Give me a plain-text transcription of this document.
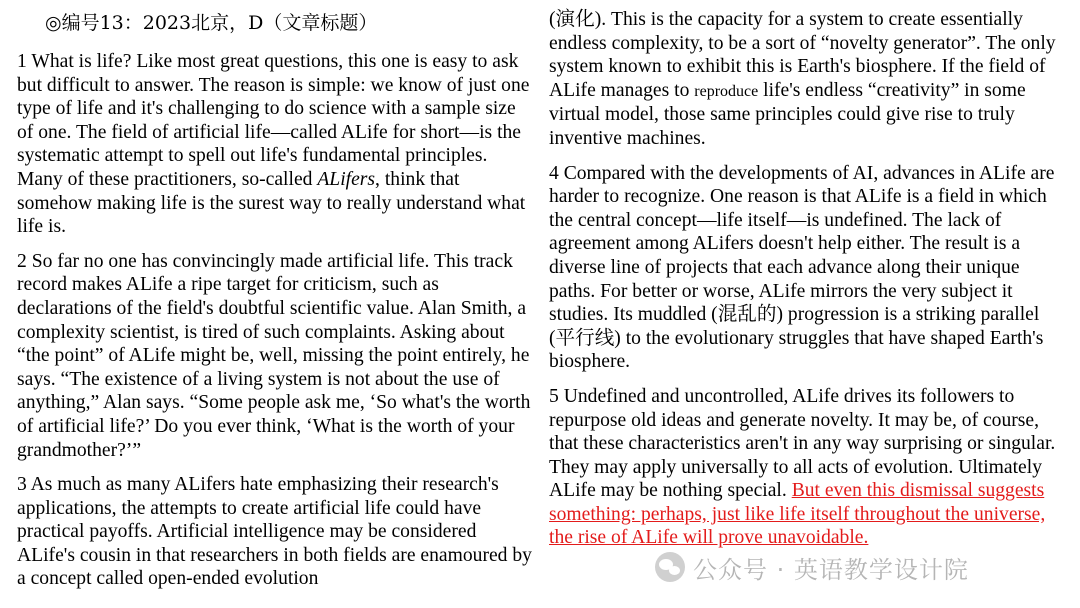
◎编号13：2023北京，D（文章标题）

1 What is life? Like most great questions, this one is easy to ask but difficult to answer. The reason is simple: we know of just one type of life and it's challenging to do science with a sample size of one. The field of artificial life—called ALife for short—is the systematic attempt to spell out life's fundamental principles. Many of these practitioners, so-called ALifers, think that somehow making life is the surest way to really understand what life is.

2 So far no one has convincingly made artificial life. This track record makes ALife a ripe target for criticism, such as declarations of the field's doubtful scientific value. Alan Smith, a complexity scientist, is tired of such complaints. Asking about “the point” of ALife might be, well, missing the point entirely, he says. “The existence of a living system is not about the use of anything,” Alan says. “Some people ask me, ‘So what's the worth of artificial life?’ Do you ever think, ‘What is the worth of your grandmother?’”

3 As much as many ALifers hate emphasizing their research's applications, the attempts to create artificial life could have practical payoffs. Artificial intelligence may be considered ALife's cousin in that researchers in both fields are enamoured by a concept called open-ended evolution

(演化). This is the capacity for a system to create essentially endless complexity, to be a sort of “novelty generator”. The only system known to exhibit this is Earth's biosphere. If the field of ALife manages to reproduce life's endless “creativity” in some virtual model, those same principles could give rise to truly inventive machines.

4 Compared with the developments of AI, advances in ALife are harder to recognize. One reason is that ALife is a field in which the central concept—life itself—is undefined. The lack of agreement among ALifers doesn't help either. The result is a diverse line of projects that each advance along their unique paths. For better or worse, ALife mirrors the very subject it studies. Its muddled (混乱的) progression is a striking parallel (平行线) to the evolutionary struggles that have shaped Earth's biosphere.

5 Undefined and uncontrolled, ALife drives its followers to repurpose old ideas and generate novelty. It may be, of course, that these characteristics aren't in any way surprising or singular. They may apply universally to all acts of evolution. Ultimately ALife may be nothing special. But even this dismissal suggests something: perhaps, just like life itself throughout the universe, the rise of ALife will prove unavoidable.

公众号 · 英语教学设计院
